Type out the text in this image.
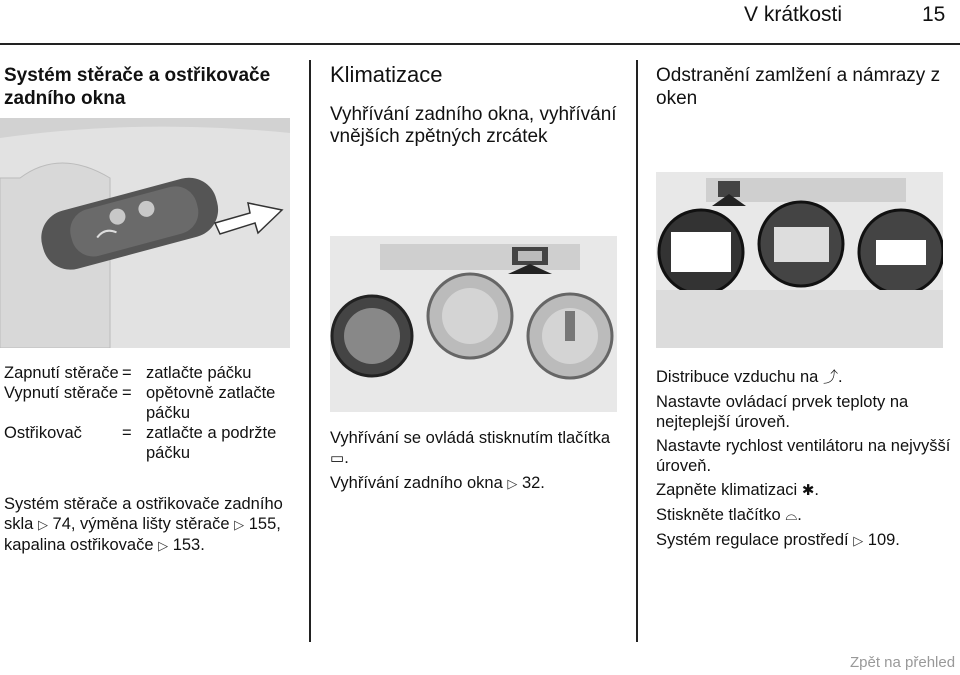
V krátkosti	15
Systém stěrače a ostřikovače zadního okna
Zapnutí stěrače = zatlačte páčku
Vypnutí stěrače = opětovně zatlačte páčku
Ostřikovač	= zatlačte a podržte páčku
Systém stěrače a ostřikovače zadního skla ▷ 74, výměna lišty stěrače ▷ 155, kapalina ostřikovače ▷ 153.
Klimatizace
Vyhřívání zadního okna, vyhřívání vnějších zpětných zrcátek

Vyhřívání se ovládá stisknutím tlačítka ▭.

Vyhřívání zadního okna ▷ 32.

Odstranění zamlžení a námrazy z oken

Distribuce vzduchu na ⤴.

Nastavte ovládací prvek teploty na nejteplejší úroveň.

Nastavte rychlost ventilátoru na nejvyšší úroveň.

Zapněte klimatizaci ✱.

Stiskněte tlačítko ⌓.

Systém regulace prostředí ▷ 109.

Zpět na přehled
